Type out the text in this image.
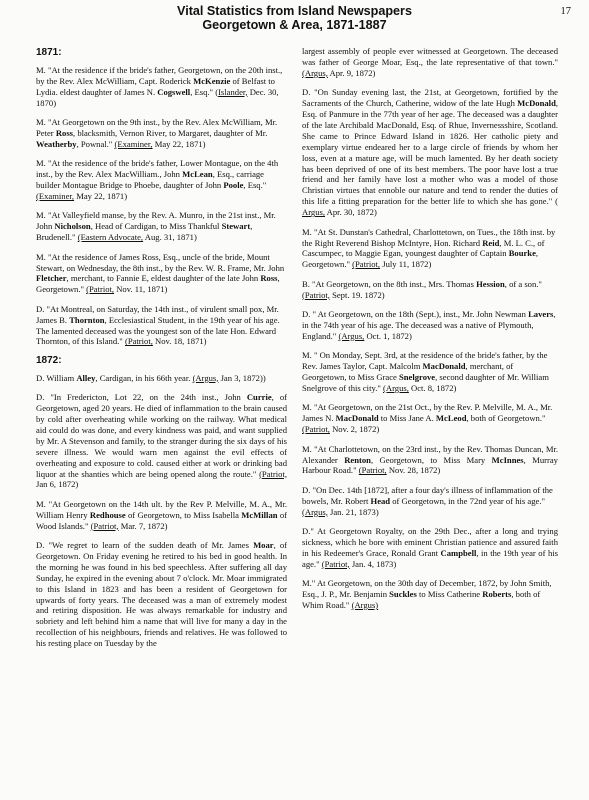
Vital Statistics from Island Newspapers
Georgetown & Area, 1871-1887
17
1871:

M. "At the residence if the bride's father, Georgetown, on the 20th inst., by the Rev. Alex McWilliam, Capt. Roderick McKenzie of Belfast to Lydia. eldest daughter of James N. Cogswell, Esq." (Islander, Dec. 30, 1870)

M. "At Georgetown on the 9th inst., by the Rev. Alex McWilliam, Mr. Peter Ross, blacksmith, Vernon River, to Margaret, daughter of Mr. Weatherby, Pownal." (Examiner, May 22, 1871)

M. "At the residence of the bride's father, Lower Montague, on the 4th inst., by the Rev. Alex MacWilliam., John McLean, Esq., carriage builder Montague Bridge to Phoebe, daughter of John Poole, Esq." (Examiner, May 22, 1871)

M. "At Valleyfield manse, by the Rev. A. Munro, in the 21st inst., Mr. John Nicholson, Head of Cardigan, to Miss Thankful Stewart, Brudenell." (Eastern Advocate, Aug. 31, 1871)

M. "At the residence of James Ross, Esq., uncle of the bride, Mount Stewart, on Wednesday, the 8th inst., by the Rev. W. R. Frame, Mr. John Fletcher, merchant, to Fannie E, eldest daughter of the late John Ross, Georgetown." (Patriot, Nov. 11, 1871)

D. "At Montreal, on Saturday, the 14th inst., of virulent small pox, Mr. James B. Thornton, Ecclesiastical Student, in the 19th year of his age. The lamented deceased was the youngest son of the late Hon. Edward Thornton, of this Island." (Patriot, Nov. 18, 1871)

1872:

D. William Alley, Cardigan, in his 66th year. (Argus, Jan 3, 1872))

D. "In Fredericton, Lot 22, on the 24th inst., John Currie, of Georgetown, aged 20 years. He died of inflammation to the brain caused by cold after overheating while working on the railway. What medical aid could do was done, and every kindness was paid, and want supplied by Mr. A Stevenson and family, to the stranger during the six days of his severe illness. We would warn men against the evil effects of overheating and exposure to cold. caused either at work or drinking bad liquor at the shanties which are being opened along the route." (Patriot, Jan 6, 1872)

M. "At Georgetown on the 14th ult. by the Rev P. Melville, M. A., Mr. William Henry Redhouse of Georgetown, to Miss Isabella McMillan of Wood Islands." (Patriot, Mar. 7, 1872)

D. "We regret to learn of the sudden death of Mr. James Moar, of Georgetown. On Friday evening he retired to his bed in good health. In the morning he was found in his bed speechless. After suffering all day Sunday, he expired in the evening about 7 o'clock. Mr. Moar immigrated to this Island in 1823 and has been a resident of Georgetown for upwards of forty years. The deceased was a man of extremely modest and retiring disposition. He was always remarkable for industry and sobriety and left behind him a name that will live for many a day in the recollection of his neighbours, friends and relatives. He was followed to his resting place on Tuesday by the

largest assembly of people ever witnessed at Georgetown. The deceased was father of George Moar, Esq., the late representative of that town." (Argus, Apr. 9, 1872)

D. "On Sunday evening last, the 21st, at Georgetown, fortified by the Sacraments of the Church, Catherine, widow of the late Hugh McDonald, Esq. of Panmure in the 77th year of her age. The deceased was a daughter of the late Archibald MacDonald, Esq. of Rhue, Invernessshire, Scotland. She came to Prince Edward Island in 1826. Her catholic piety and exemplary virtue endeared her to a large circle of friends by whom her loss, even at a mature age, will be much lamented. By her death society has been deprived of one of its best members. The poor have lost a true friend and her family have lost a mother who was a model of those Christian virtues that ennoble our nature and tend to render the duties of this life a fitting preparation for the better life to which she has gone." ( Argus, Apr. 30, 1872)

M. "At St. Dunstan's Cathedral, Charlottetown, on Tues., the 18th inst. by the Right Reverend Bishop McIntyre, Hon. Richard Reid, M. L. C., of Cascumpec, to Maggie Egan, youngest daughter of Captain Bourke, Georgetown." (Patriot, July 11, 1872)

B. "At Georgetown, on the 8th inst., Mrs. Thomas Hession, of a son." (Patriot, Sept. 19. 1872)

D. " At Georgetown, on the 18th (Sept.), inst., Mr. John Newman Lavers, in the 74th year of his age. The deceased was a native of Plymouth, England." (Argus, Oct. 1, 1872)

M. " On Monday, Sept. 3rd, at the residence of the bride's father, by the Rev. James Taylor, Capt. Malcolm MacDonald, merchant, of Georgetown, to Miss Grace Snelgrove, second daughter of Mr. William Snelgrove of this city." (Argus, Oct. 8, 1872)

M. "At Georgetown, on the 21st Oct., by the Rev. P. Melville, M. A., Mr. James N. MacDonald to Miss Jane A. McLeod, both of Georgetown." (Patriot, Nov. 2, 1872)

M. "At Charlottetown, on the 23rd inst., by the Rev. Thomas Duncan, Mr. Alexander Renton, Georgetown, to Miss Mary McInnes, Murray Harbour Road." (Patriot, Nov. 28, 1872)

D. "On Dec. 14th [1872], after a four day's illness of inflammation of the bowels, Mr. Robert Head of Georgetown, in the 72nd year of his age."(Argus, Jan. 21, 1873)

D." At Georgetown Royalty, on the 29th Dec., after a long and trying sickness, which he bore with eminent Christian patience and assured faith in his Redeemer's Grace, Ronald Grant Campbell, in the 19th year of his age." (Patriot, Jan. 4, 1873)

M." At Georgetown, on the 30th day of December, 1872, by John Smith, Esq., J. P., Mr. Benjamin Suckles to Miss Catherine Roberts, both of Whim Road." (Argus)
